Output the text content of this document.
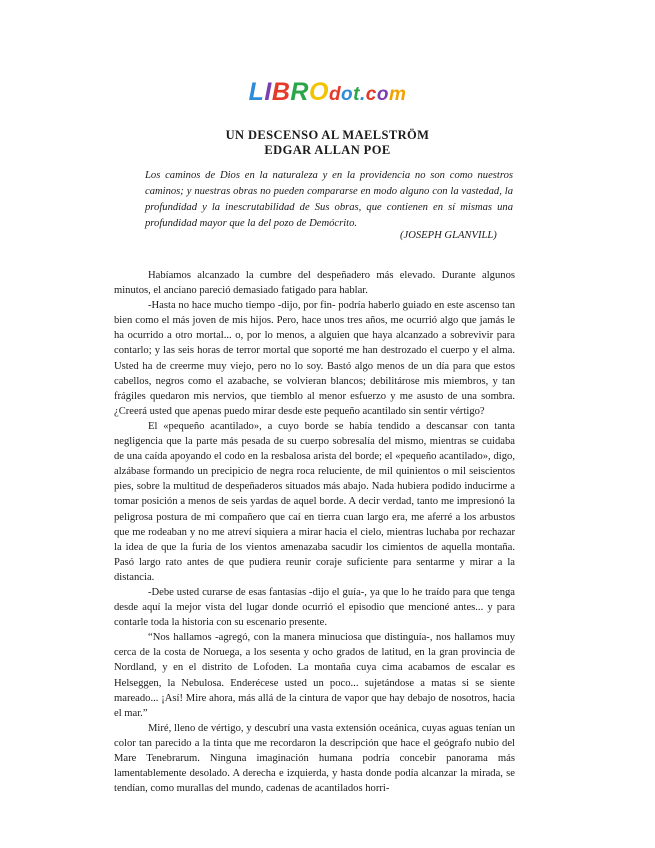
LIBROdot.com
UN DESCENSO AL MAELSTRÖM
EDGAR ALLAN POE
Los caminos de Dios en la naturaleza y en la providencia no son como nuestros caminos; y nuestras obras no pueden compararse en modo alguno con la vastedad, la profundidad y la inescrutabilidad de Sus obras, que contienen en sí mismas una profundidad mayor que la del pozo de Demócrito.
(JOSEPH GLANVILL)

Habíamos alcanzado la cumbre del despeñadero más elevado. Durante algunos minutos, el anciano pareció demasiado fatigado para hablar.

-Hasta no hace mucho tiempo -dijo, por fin- podría haberlo guiado en este ascenso tan bien como el más joven de mis hijos. Pero, hace unos tres años, me ocurrió algo que jamás le ha ocurrido a otro mortal... o, por lo menos, a alguien que haya alcanzado a sobrevivir para contarlo; y las seis horas de terror mortal que soporté me han destrozado el cuerpo y el alma. Usted ha de creerme muy viejo, pero no lo soy. Bastó algo menos de un día para que estos cabellos, negros como el azabache, se volvieran blancos; debilitárose mis miembros, y tan frágiles quedaron mis nervios, que tiemblo al menor esfuerzo y me asusto de una sombra. ¿Creerá usted que apenas puedo mirar desde este pequeño acantilado sin sentir vértigo?

El «pequeño acantilado», a cuyo borde se había tendido a descansar con tanta negligencia que la parte más pesada de su cuerpo sobresalía del mismo, mientras se cuidaba de una caída apoyando el codo en la resbalosa arista del borde; el «pequeño acantilado», digo, alzábase formando un precipicio de negra roca reluciente, de mil quinientos o mil seiscientos pies, sobre la multitud de despeñaderos situados más abajo. Nada hubiera podido inducirme a tomar posición a menos de seis yardas de aquel borde. A decir verdad, tanto me impresionó la peligrosa postura de mi compañero que caí en tierra cuan largo era, me aferré a los arbustos que me rodeaban y no me atreví siquiera a mirar hacia el cielo, mientras luchaba por rechazar la idea de que la furia de los vientos amenazaba sacudir los cimientos de aquella montaña. Pasó largo rato antes de que pudiera reunir coraje suficiente para sentarme y mirar a la distancia.

-Debe usted curarse de esas fantasías -dijo el guía-, ya que lo he traído para que tenga desde aquí la mejor vista del lugar donde ocurrió el episodio que mencioné antes... y para contarle toda la historia con su escenario presente.

“Nos hallamos -agregó, con la manera minuciosa que distinguía-, nos hallamos muy cerca de la costa de Noruega, a los sesenta y ocho grados de latitud, en la gran provincia de Nordland, y en el distrito de Lofoden. La montaña cuya cima acabamos de escalar es Helseggen, la Nebulosa. Enderécese usted un poco... sujetándose a matas si se siente mareado... ¡Así! Mire ahora, más allá de la cintura de vapor que hay debajo de nosotros, hacia el mar.”

Miré, lleno de vértigo, y descubrí una vasta extensión oceánica, cuyas aguas tenían un color tan parecido a la tinta que me recordaron la descripción que hace el geógrafo nubio del Mare Tenebrarum. Ninguna imaginación humana podría concebir panorama más lamentablemente desolado. A derecha e izquierda, y hasta donde podía alcanzar la mirada, se tendían, como murallas del mundo, cadenas de acantilados horri-
